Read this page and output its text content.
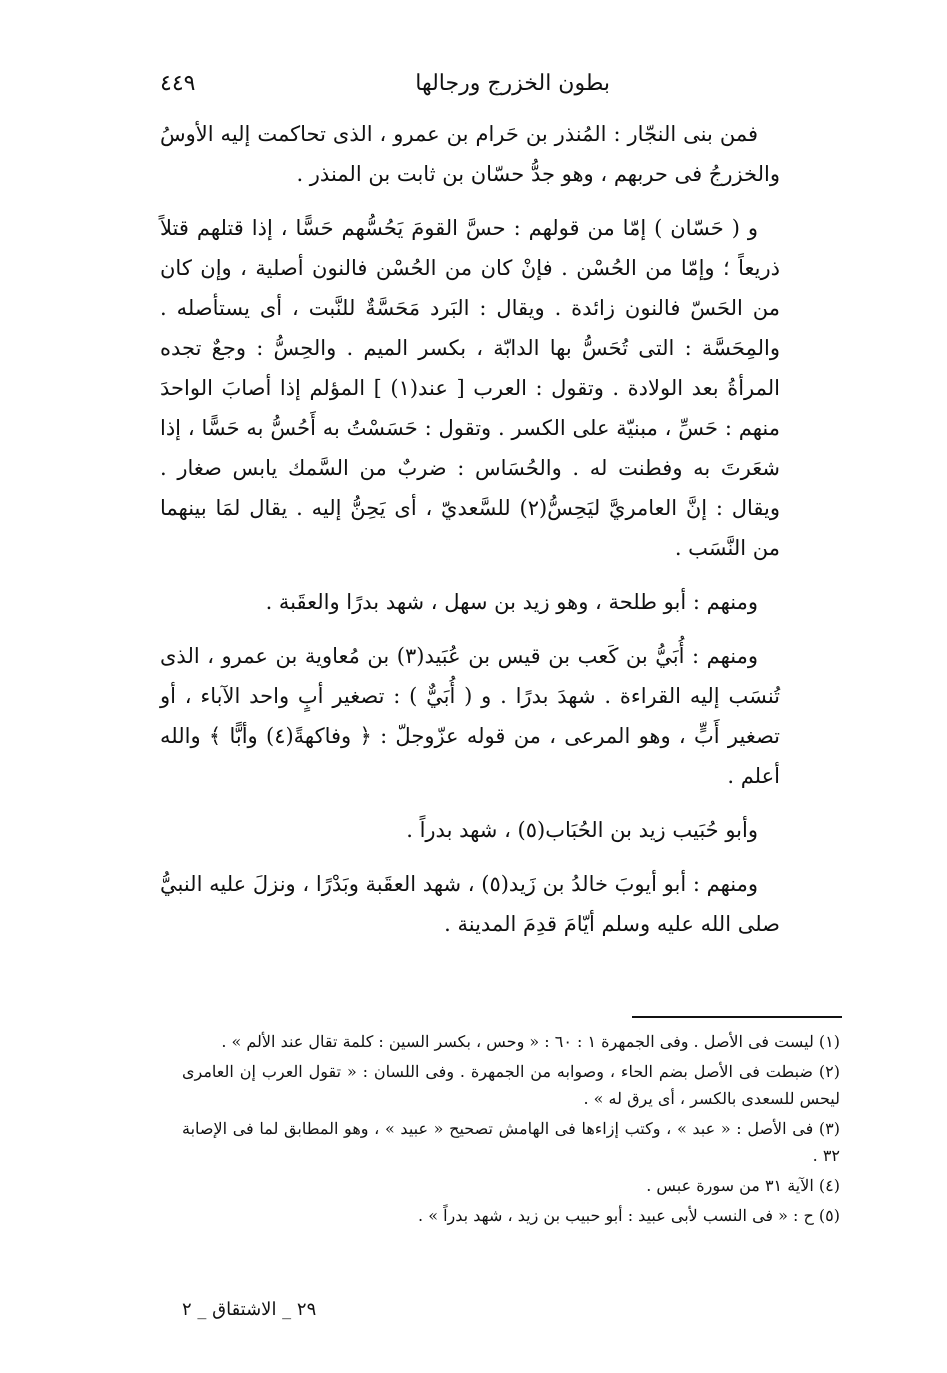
بطون الخزرج ورجالها
٤٤٩

فمن بنى النجّار : المُنذر بن حَرام بن عمرو ، الذى تحاكمت إليه الأوسُ والخزرجُ فى حربهم ، وهو جدُّ حسّان بن ثابت بن المنذر .

و ( حَسّان ) إمّا من قولهم : حسَّ القومَ يَحُسُّهم حَسًّا ، إذا قتلهم قتلاً ذريعاً ؛ وإمّا من الحُسْن . فإنْ كان من الحُسْن فالنون أصلية ، وإن كان من الحَسّ فالنون زائدة . ويقال : البَرد مَحَسَّةٌ للنَّبت ، أى يستأصله . والمِحَسَّة : التى تُحَسُّ بها الدابّة ، بكسر الميم . والحِسُّ : وجعٌ تجده المرأةُ بعد الولادة . وتقول : العرب [ عند(١) ] المؤلم إذا أصابَ الواحدَ منهم : حَسِّ ، مبنيّة على الكسر . وتقول : حَسَسْتُ به أَحُسُّ به حَسًّا ، إذا شعَرتَ به وفطنت له . والحُسَاس : ضربٌ من السَّمك يابس صغار . ويقال : إنَّ العامريَّ ليَحِسُّ(٢) للسَّعديّ ، أى يَحِنُّ إليه . يقال لمَا بينهما من النَّسَب .

ومنهم : أبو طلحة ، وهو زيد بن سهل ، شهد بدرًا والعقَبة .

ومنهم : أُبَيُّ بن كَعب بن قيس بن عُبَيد(٣) بن مُعاوية بن عمرو ، الذى تُنسَب إليه القراءة . شهدَ بدرًا . و ( أُبَيٌّ ) : تصغير أبٍ واحد الآباء ، أو تصغير أَبٍّ ، وهو المرعى ، من قوله عزّوجلّ : ﴿ وفاكهةً(٤) وأبًّا ﴾ والله أعلم .

وأبو حُبَيب زيد بن الحُبَاب(٥) ، شهد بدراً .

ومنهم : أبو أيوبَ خالدُ بن زَيد(٥) ، شهد العقَبة وبَدْرًا ، ونزلَ عليه النبيُّ صلى الله عليه وسلم أيّامَ قدِمَ المدينة .

(١) ليست فى الأصل . وفى الجمهرة ١ : ٦٠ : « وحس ، بكسر السين : كلمة تقال عند الألم » .

(٢) ضبطت فى الأصل بضم الحاء ، وصوابه من الجمهرة . وفى اللسان : « تقول العرب إن العامرى ليحس للسعدى بالكسر ، أى يرق له » .

(٣) فى الأصل : « عبد » ، وكتب إزاءها فى الهامش تصحيح « عبيد » ، وهو المطابق لما فى الإصابة ٣٢ .

(٤) الآية ٣١ من سورة عبس .

(٥) ح : « فى النسب لأبى عبيد : أبو حبيب بن زيد ، شهد بدراً » .

٢٩ _ الاشتقاق _ ٢
